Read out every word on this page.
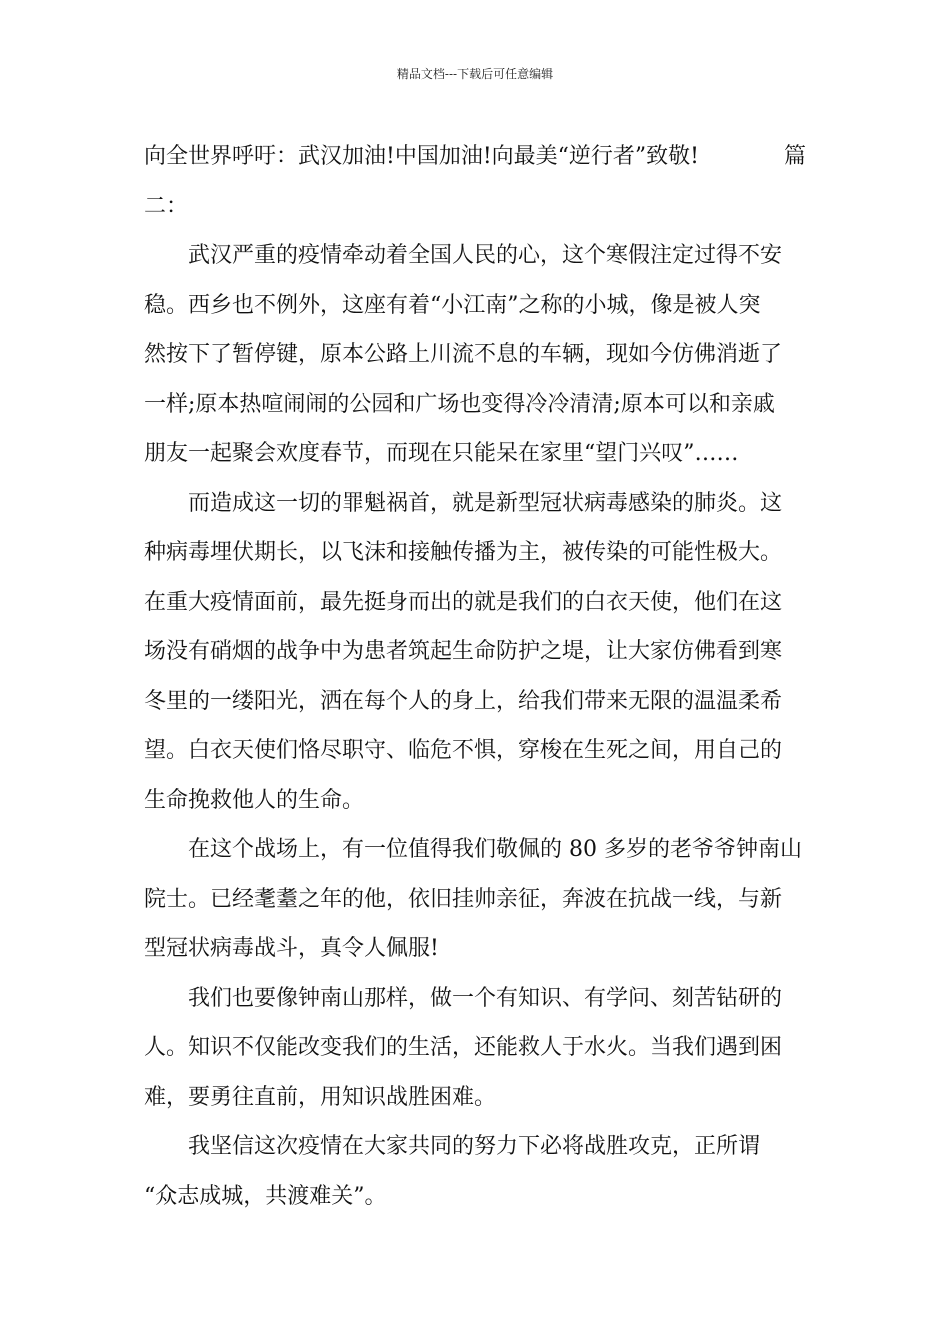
精品文档---下载后可任意编辑
向全世界呼吁：武汉加油!中国加油!向最美“逆行者”致敬!	篇
二：
　　武汉严重的疫情牵动着全国人民的心，这个寒假注定过得不安
稳。西乡也不例外，这座有着“小江南”之称的小城，像是被人突
然按下了暂停键，原本公路上川流不息的车辆，现如今仿佛消逝了
一样;原本热喧闹闹的公园和广场也变得冷冷清清;原本可以和亲戚
朋友一起聚会欢度春节，而现在只能呆在家里“望门兴叹”……
　　而造成这一切的罪魁祸首，就是新型冠状病毒感染的肺炎。这
种病毒埋伏期长，以飞沫和接触传播为主，被传染的可能性极大。
在重大疫情面前，最先挺身而出的就是我们的白衣天使，他们在这
场没有硝烟的战争中为患者筑起生命防护之堤，让大家仿佛看到寒
冬里的一缕阳光，洒在每个人的身上，给我们带来无限的温温柔希
望。白衣天使们恪尽职守、临危不惧，穿梭在生死之间，用自己的
生命挽救他人的生命。
　　在这个战场上，有一位值得我们敬佩的 80 多岁的老爷爷钟南山
院士。已经耄耋之年的他，依旧挂帅亲征，奔波在抗战一线，与新
型冠状病毒战斗，真令人佩服!
　　我们也要像钟南山那样，做一个有知识、有学问、刻苦钻研的
人。知识不仅能改变我们的生活，还能救人于水火。当我们遇到困
难，要勇往直前，用知识战胜困难。
　　我坚信这次疫情在大家共同的努力下必将战胜攻克，正所谓
“众志成城，共渡难关”。
